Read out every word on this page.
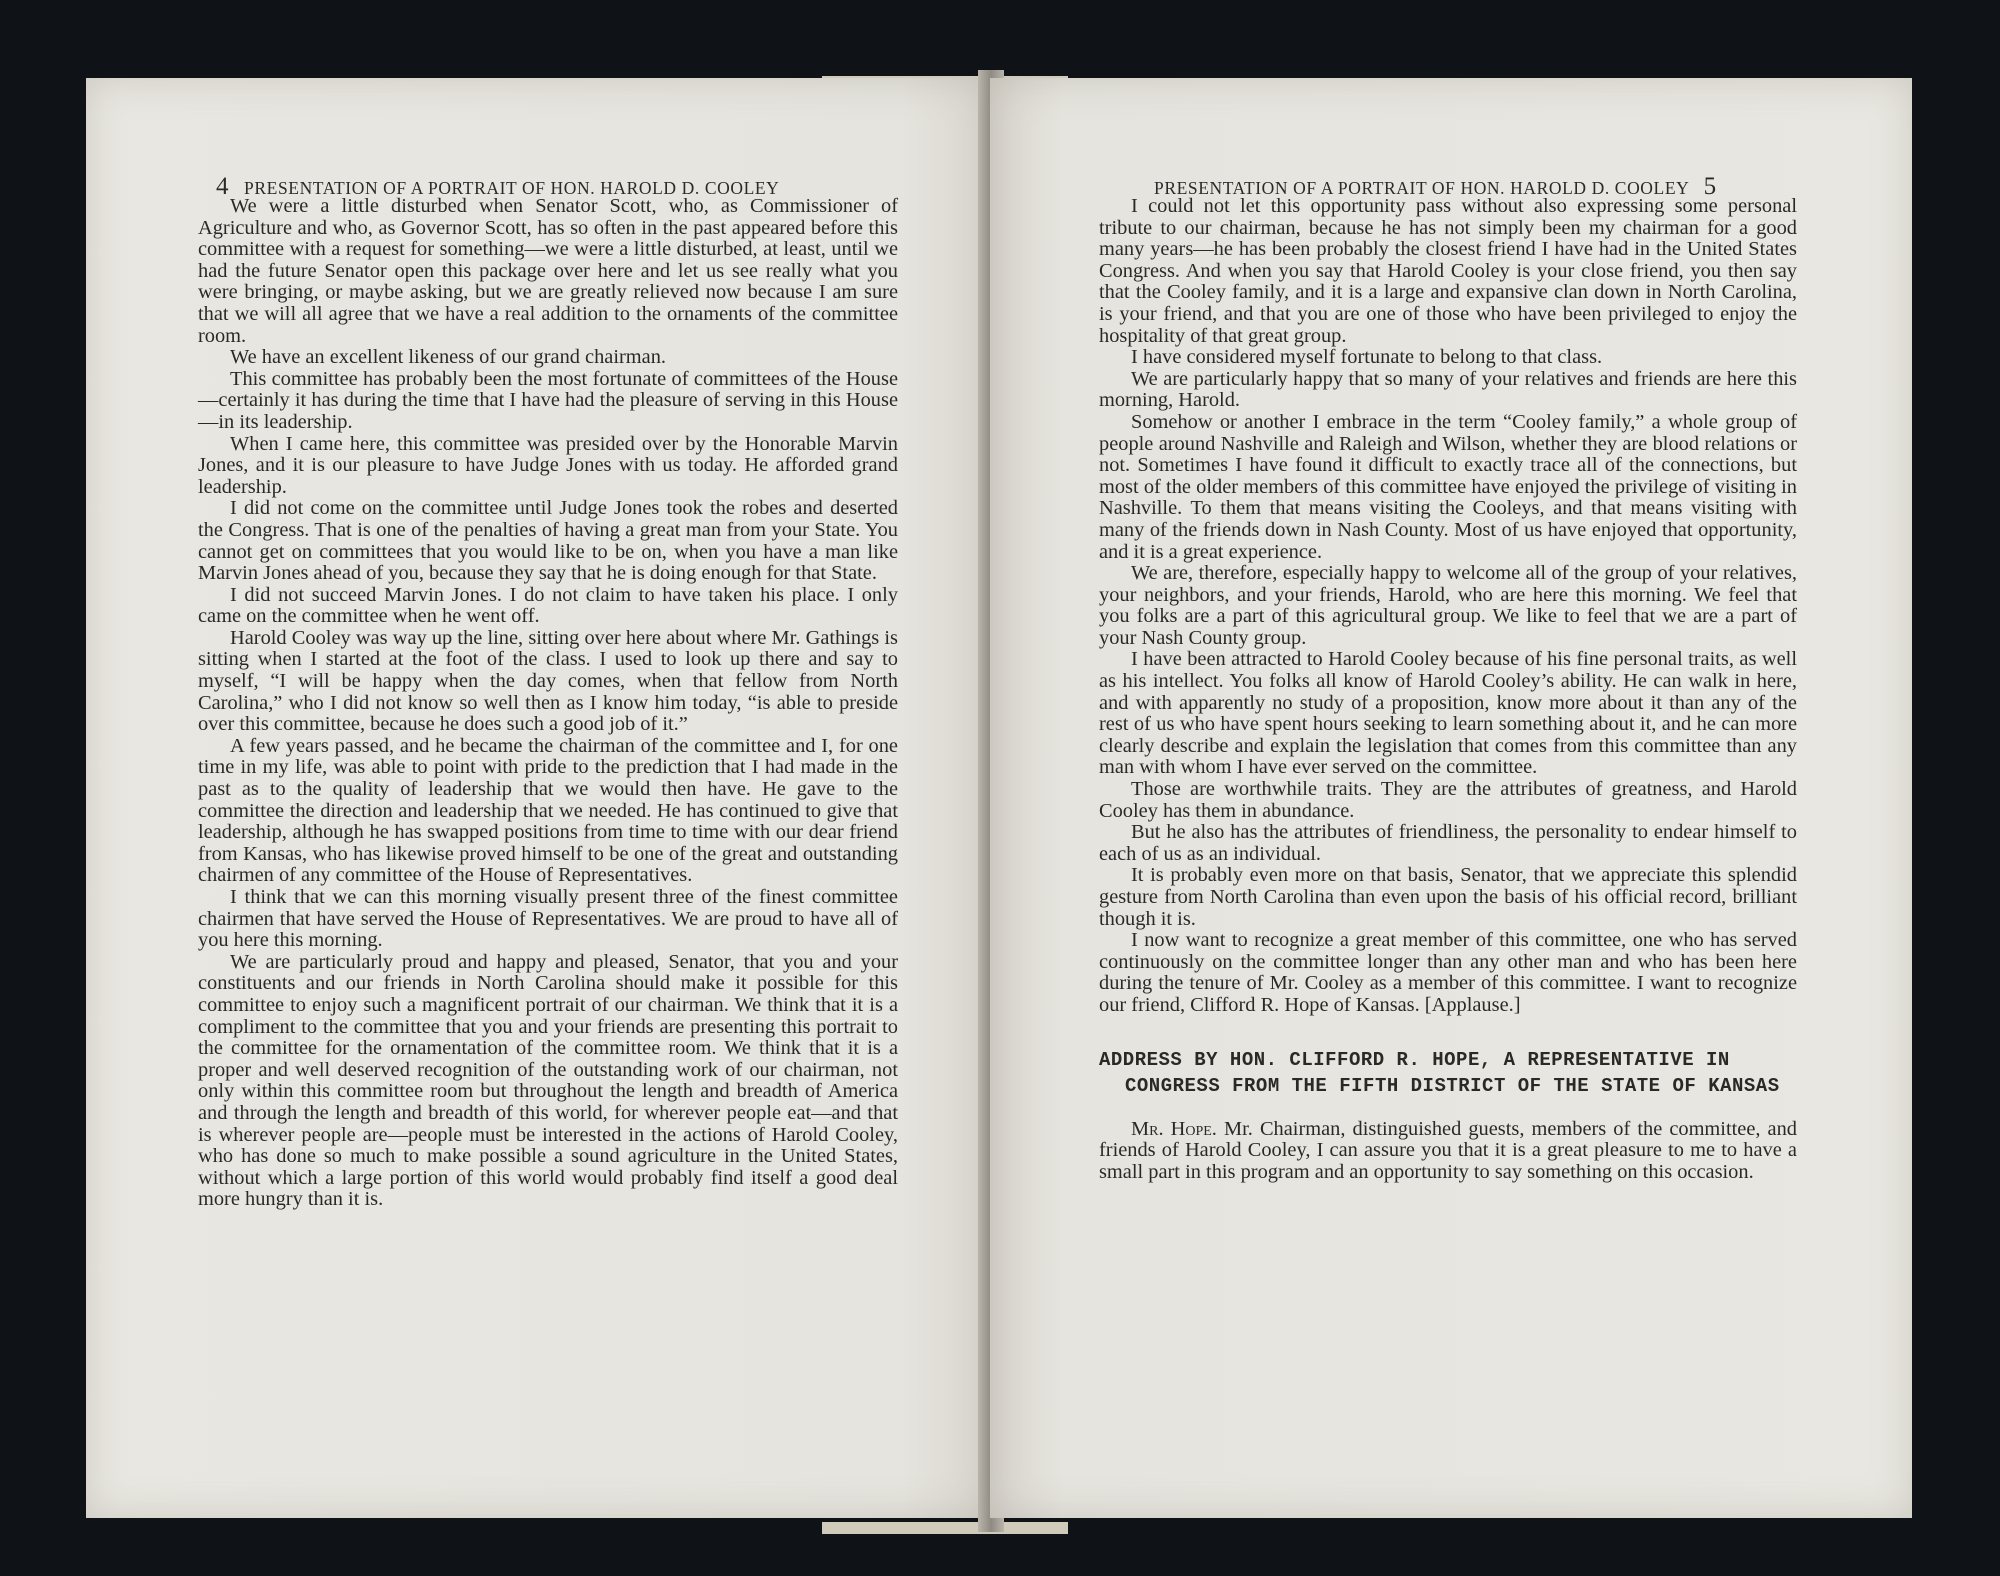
4 PRESENTATION OF A PORTRAIT OF HON. HAROLD D. COOLEY

We were a little disturbed when Senator Scott, who, as Commissioner of Agriculture and who, as Governor Scott, has so often in the past appeared before this committee with a request for something—we were a little disturbed, at least, until we had the future Senator open this package over here and let us see really what you were bringing, or maybe asking, but we are greatly relieved now because I am sure that we will all agree that we have a real addition to the ornaments of the committee room.

We have an excellent likeness of our grand chairman.

This committee has probably been the most fortunate of committees of the House—certainly it has during the time that I have had the pleasure of serving in this House—in its leadership.

When I came here, this committee was presided over by the Honorable Marvin Jones, and it is our pleasure to have Judge Jones with us today. He afforded grand leadership.

I did not come on the committee until Judge Jones took the robes and deserted the Congress. That is one of the penalties of having a great man from your State. You cannot get on committees that you would like to be on, when you have a man like Marvin Jones ahead of you, because they say that he is doing enough for that State.

I did not succeed Marvin Jones. I do not claim to have taken his place. I only came on the committee when he went off.

Harold Cooley was way up the line, sitting over here about where Mr. Gathings is sitting when I started at the foot of the class. I used to look up there and say to myself, “I will be happy when the day comes, when that fellow from North Carolina,” who I did not know so well then as I know him today, “is able to preside over this committee, because he does such a good job of it.”

A few years passed, and he became the chairman of the committee and I, for one time in my life, was able to point with pride to the prediction that I had made in the past as to the quality of leadership that we would then have. He gave to the committee the direction and leadership that we needed. He has continued to give that leadership, although he has swapped positions from time to time with our dear friend from Kansas, who has likewise proved himself to be one of the great and outstanding chairmen of any committee of the House of Representatives.

I think that we can this morning visually present three of the finest committee chairmen that have served the House of Representatives. We are proud to have all of you here this morning.

We are particularly proud and happy and pleased, Senator, that you and your constituents and our friends in North Carolina should make it possible for this committee to enjoy such a magnificent portrait of our chairman. We think that it is a compliment to the committee that you and your friends are presenting this portrait to the committee for the ornamentation of the committee room. We think that it is a proper and well deserved recognition of the outstanding work of our chairman, not only within this committee room but throughout the length and breadth of America and through the length and breadth of this world, for wherever people eat—and that is wherever people are—people must be interested in the actions of Harold Cooley, who has done so much to make possible a sound agriculture in the United States, without which a large portion of this world would probably find itself a good deal more hungry than it is.

PRESENTATION OF A PORTRAIT OF HON. HAROLD D. COOLEY 5

I could not let this opportunity pass without also expressing some personal tribute to our chairman, because he has not simply been my chairman for a good many years—he has been probably the closest friend I have had in the United States Congress. And when you say that Harold Cooley is your close friend, you then say that the Cooley family, and it is a large and expansive clan down in North Carolina, is your friend, and that you are one of those who have been privileged to enjoy the hospitality of that great group.

I have considered myself fortunate to belong to that class.

We are particularly happy that so many of your relatives and friends are here this morning, Harold.

Somehow or another I embrace in the term “Cooley family,” a whole group of people around Nashville and Raleigh and Wilson, whether they are blood relations or not. Sometimes I have found it difficult to exactly trace all of the connections, but most of the older members of this committee have enjoyed the privilege of visiting in Nashville. To them that means visiting the Cooleys, and that means visiting with many of the friends down in Nash County. Most of us have enjoyed that opportunity, and it is a great experience.

We are, therefore, especially happy to welcome all of the group of your relatives, your neighbors, and your friends, Harold, who are here this morning. We feel that you folks are a part of this agricultural group. We like to feel that we are a part of your Nash County group.

I have been attracted to Harold Cooley because of his fine personal traits, as well as his intellect. You folks all know of Harold Cooley’s ability. He can walk in here, and with apparently no study of a proposition, know more about it than any of the rest of us who have spent hours seeking to learn something about it, and he can more clearly describe and explain the legislation that comes from this committee than any man with whom I have ever served on the committee.

Those are worthwhile traits. They are the attributes of greatness, and Harold Cooley has them in abundance.

But he also has the attributes of friendliness, the personality to endear himself to each of us as an individual.

It is probably even more on that basis, Senator, that we appreciate this splendid gesture from North Carolina than even upon the basis of his official record, brilliant though it is.

I now want to recognize a great member of this committee, one who has served continuously on the committee longer than any other man and who has been here during the tenure of Mr. Cooley as a member of this committee. I want to recognize our friend, Clifford R. Hope of Kansas. [Applause.]

ADDRESS BY HON. CLIFFORD R. HOPE, A REPRESENTATIVE IN CONGRESS FROM THE FIFTH DISTRICT OF THE STATE OF KANSAS

Mr. Hope. Mr. Chairman, distinguished guests, members of the committee, and friends of Harold Cooley, I can assure you that it is a great pleasure to me to have a small part in this program and an opportunity to say something on this occasion.
